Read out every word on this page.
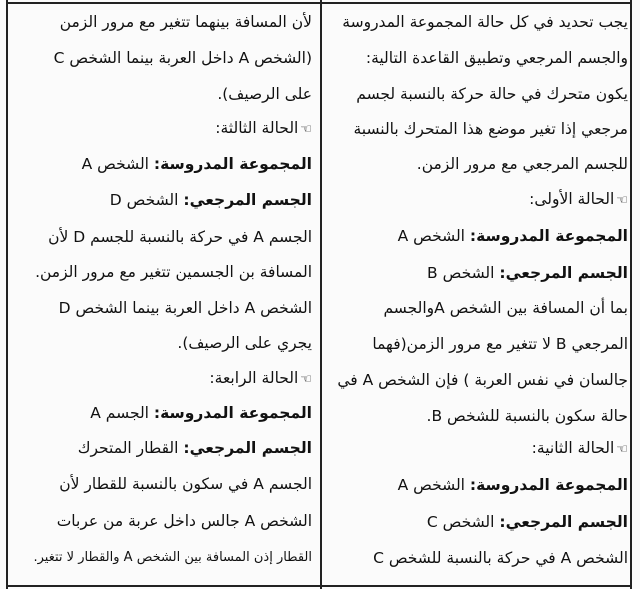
يجب تحديد في كل حالة المجموعة المدروسة
والجسم المرجعي وتطبيق القاعدة التالية:
يكون متحرك في حالة حركة بالنسبة لجسم
مرجعي إذا تغير موضع هذا المتحرك بالنسبة
للجسم المرجعي مع مرور الزمن.
☜الحالة الأولى:
المجموعة المدروسة: الشخص A
الجسم المرجعي: الشخص B
بما أن المسافة بين الشخص Aوالجسم
المرجعي B لا تتغير مع مرور الزمن(فهما
جالسان في نفس العربة ) فإن الشخص A في
حالة سكون بالنسبة للشخص B.
☜الحالة الثانية:
المجموعة المدروسة: الشخص A
الجسم المرجعي: الشخص C
الشخص A في حركة بالنسبة للشخص C
لأن المسافة بينهما تتغير مع مرور الزمن
(الشخص A داخل العربة بينما الشخص C
على الرصيف).
☜الحالة الثالثة:
المجموعة المدروسة: الشخص A
الجسم المرجعي: الشخص D
الجسم A في حركة بالنسبة للجسم D لأن
المسافة بن الجسمين تتغير مع مرور الزمن.
الشخص A داخل العربة بينما الشخص D
يجري على الرصيف).
☜الحالة الرابعة:
المجموعة المدروسة: الجسم A
الجسم المرجعي: القطار المتحرك
الجسم A في سكون بالنسبة للقطار لأن
الشخص A جالس داخل عربة من عربات
القطار إذن المسافة بين الشخص A والقطار لا تتغير.
